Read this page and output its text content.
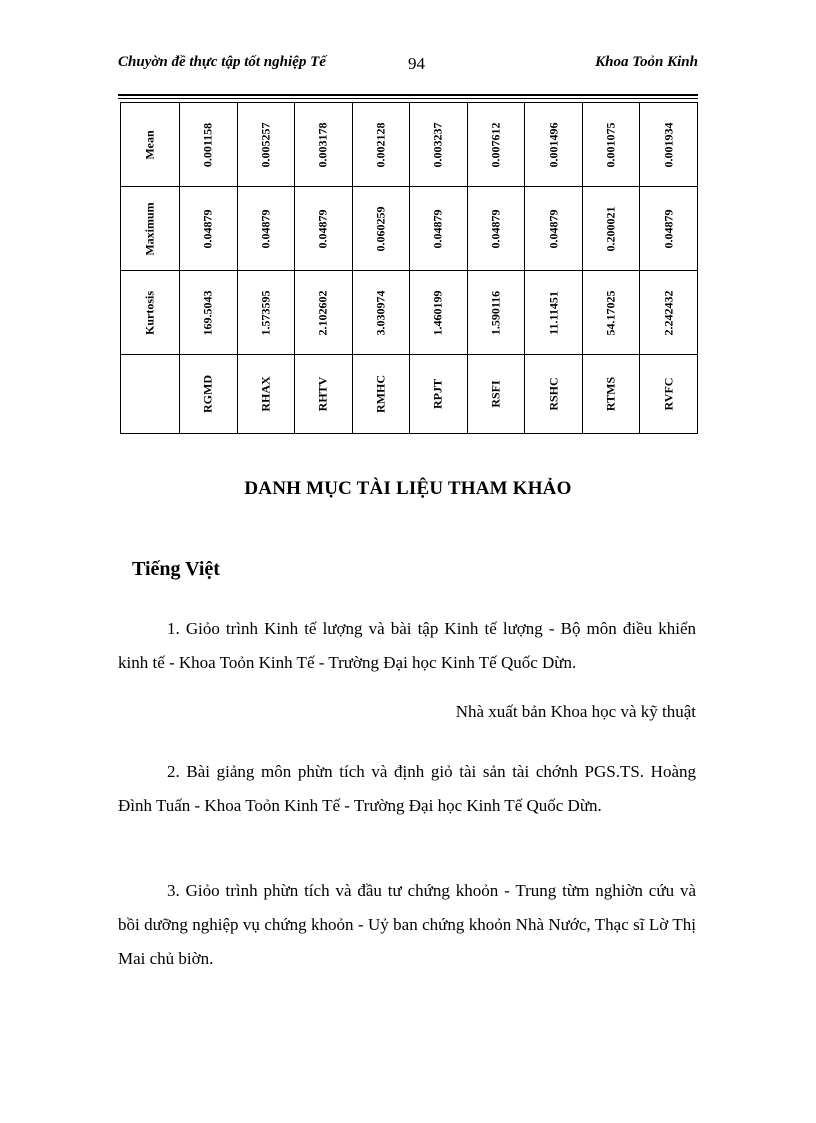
Chuyờn đề thực tập tốt nghiệp Tế	94	Khoa Toỏn Kinh
Mean	0.001158	0.005257	0.003178	0.002128	0.003237	0.007612	0.001496	0.001075	0.001934

Maximum	0.04879	0.04879	0.04879	0.060259	0.04879	0.04879	0.04879	0.200021	0.04879

Kurtosis	169.5043	1.573595	2.102602	3.030974	1.460199	1.590116	11.11451	54.17025	2.242432

	RGMD	RHAX	RHTV	RMHC	RPJT	RSFI	RSHC	RTMS	RVFC
DANH MỤC TÀI LIỆU THAM KHẢO
Tiếng Việt
1. Giỏo trình Kinh tế lượng và bài tập Kinh tế lượng - Bộ môn điều khiển kinh tế - Khoa Toỏn Kinh Tế - Trường Đại học Kinh Tế Quốc Dừn.
Nhà xuất bản Khoa học và kỹ thuật
2. Bài giảng môn phừn tích và định giỏ tài sản tài chớnh PGS.TS. Hoàng Đình Tuấn - Khoa Toỏn Kinh Tế - Trường Đại học Kinh Tế Quốc Dừn.
3. Giỏo trình phừn tích và đầu tư chứng khoỏn - Trung từm nghiờn cứu và bồi dưỡng nghiệp vụ chứng khoỏn - Uỷ ban chứng khoỏn Nhà Nước, Thạc sĩ Lờ Thị Mai chủ biờn.
